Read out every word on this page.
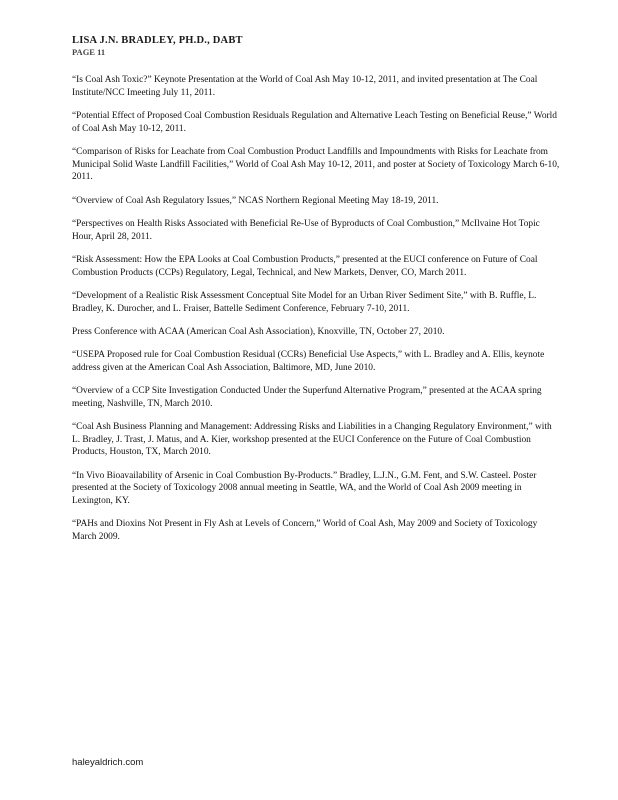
LISA J.N. BRADLEY, PH.D., DABT
PAGE 11

“Is Coal Ash Toxic?” Keynote Presentation at the World of Coal Ash May 10-12, 2011, and invited presentation at The Coal Institute/NCC Imeeting July 11, 2011.

“Potential Effect of Proposed Coal Combustion Residuals Regulation and Alternative Leach Testing on Beneficial Reuse,” World of Coal Ash May 10-12, 2011.

“Comparison of Risks for Leachate from Coal Combustion Product Landfills and Impoundments with Risks for Leachate from Municipal Solid Waste Landfill Facilities,” World of Coal Ash May 10-12, 2011, and poster at Society of Toxicology March 6-10, 2011.

“Overview of Coal Ash Regulatory Issues,” NCAS Northern Regional Meeting May 18-19, 2011.

“Perspectives on Health Risks Associated with Beneficial Re-Use of Byproducts of Coal Combustion,” McIlvaine Hot Topic Hour, April 28, 2011.

“Risk Assessment: How the EPA Looks at Coal Combustion Products,” presented at the EUCI conference on Future of Coal Combustion Products (CCPs) Regulatory, Legal, Technical, and New Markets, Denver, CO, March 2011.

“Development of a Realistic Risk Assessment Conceptual Site Model for an Urban River Sediment Site,” with B. Ruffle, L. Bradley, K. Durocher, and L. Fraiser, Battelle Sediment Conference, February 7-10, 2011.

Press Conference with ACAA (American Coal Ash Association), Knoxville, TN, October 27, 2010.

“USEPA Proposed rule for Coal Combustion Residual (CCRs) Beneficial Use Aspects,” with L. Bradley and A. Ellis, keynote address given at the American Coal Ash Association, Baltimore, MD, June 2010.

“Overview of a CCP Site Investigation Conducted Under the Superfund Alternative Program,” presented at the ACAA spring meeting, Nashville, TN, March 2010.

“Coal Ash Business Planning and Management: Addressing Risks and Liabilities in a Changing Regulatory Environment,” with L. Bradley, J. Trast, J. Matus, and A. Kier, workshop presented at the EUCI Conference on the Future of Coal Combustion Products, Houston, TX, March 2010.

“In Vivo Bioavailability of Arsenic in Coal Combustion By-Products.” Bradley, L.J.N., G.M. Fent, and S.W. Casteel. Poster presented at the Society of Toxicology 2008 annual meeting in Seattle, WA, and the World of Coal Ash 2009 meeting in Lexington, KY.

“PAHs and Dioxins Not Present in Fly Ash at Levels of Concern,” World of Coal Ash, May 2009 and Society of Toxicology March 2009.

haleyaldrich.com
